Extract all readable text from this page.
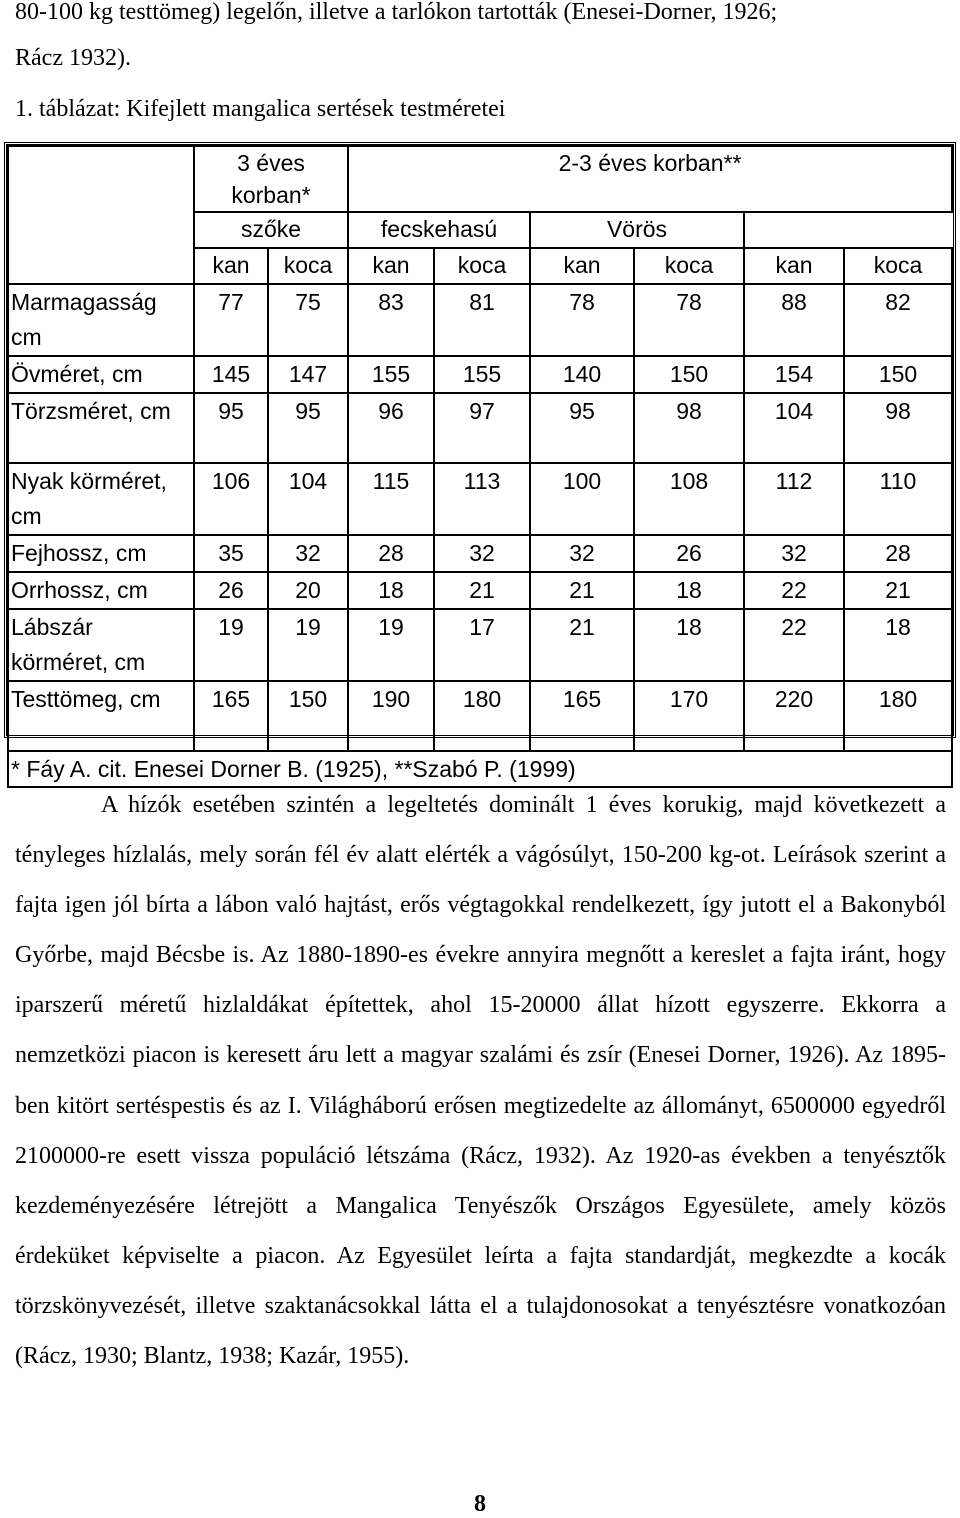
80-100 kg testtömeg) legelőn, illetve a tarlókon tartották (Enesei-Dorner, 1926;
Rácz 1932).
1. táblázat: Kifejlett mangalica sertések testméretei
	3 éves
korban*		2-3 éves korban**					
	szőke		fecskehasú		Vörös			
	kan	koca	kan	koca	kan	koca	kan	koca
Marmagasság cm	77	75	83	81	78	78	88	82
Övméret, cm	145	147	155	155	140	150	154	150
Törzsméret, cm	95	95	96	97	95	98	104	98
Nyak körméret, cm	106	104	115	113	100	108	112	110
Fejhossz, cm	35	32	28	32	32	26	32	28
Orrhossz, cm	26	20	18	21	21	18	22	21
Lábszár körméret, cm	19	19	19	17	21	18	22	18
Testtömeg, cm	165	150	190	180	165	170	220	180
* Fáy A. cit. Enesei Dorner B. (1925), **Szabó P. (1999)								
A hízók esetében szintén a legeltetés dominált 1 éves korukig, majd következett a tényleges hízlalás, mely során fél év alatt elérték a vágósúlyt, 150-200 kg-ot. Leírások szerint a fajta igen jól bírta a lábon való hajtást, erős végtagokkal rendelkezett, így jutott el a Bakonyból Győrbe, majd Bécsbe is. Az 1880-1890-es évekre annyira megnőtt a kereslet a fajta iránt, hogy iparszerű méretű hizlaldákat építettek, ahol 15-20000 állat hízott egyszerre. Ekkorra a nemzetközi piacon is keresett áru lett a magyar szalámi és zsír (Enesei Dorner, 1926). Az 1895-ben kitört sertéspestis és az I. Világháború erősen megtizedelte az állományt, 6500000 egyedről 2100000-re esett vissza populáció létszáma (Rácz, 1932). Az 1920-as években a tenyésztők kezdeményezésére létrejött a Mangalica Tenyészők Országos Egyesülete, amely közös érdeküket képviselte a piacon. Az Egyesület leírta a fajta standardját, megkezdte a kocák törzskönyvezését, illetve szaktanácsokkal látta el a tulajdonosokat a tenyésztésre vonatkozóan (Rácz, 1930; Blantz, 1938; Kazár, 1955).
8
